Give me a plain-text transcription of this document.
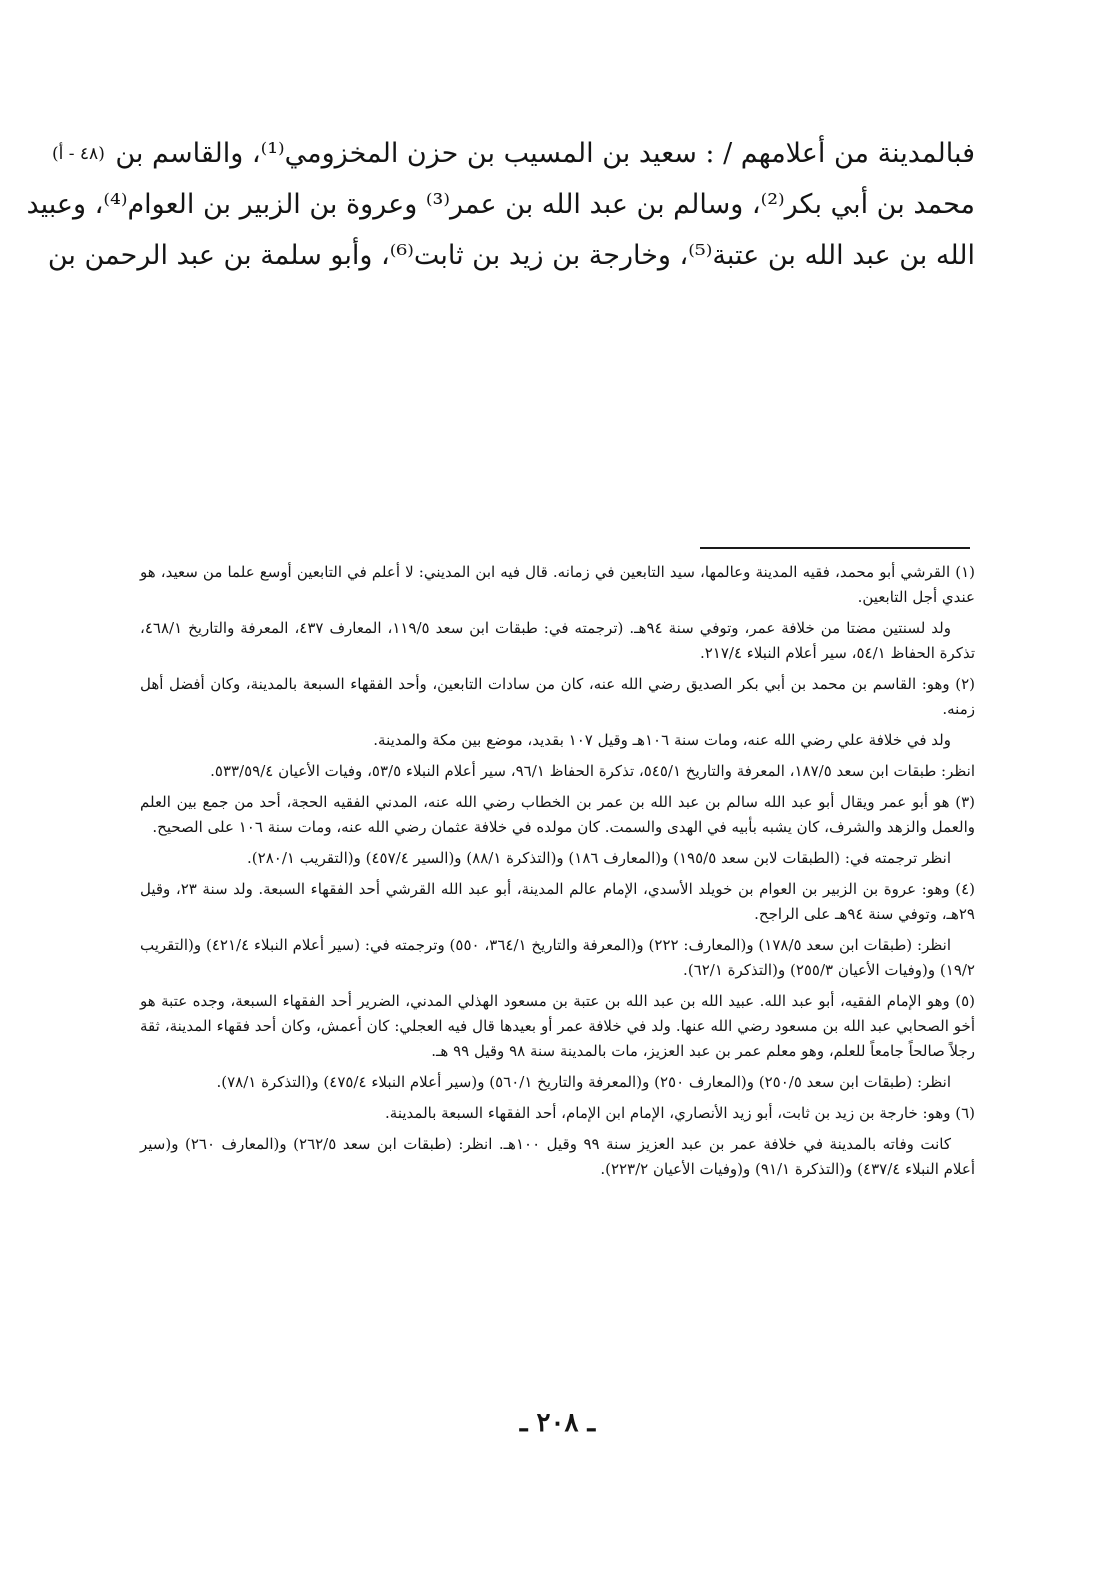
(٤٨ - أ) فبالمدينة من أعلامهم / : سعيد بن المسيب بن حزن المخزومي⁽¹⁾، والقاسم بن
محمد بن أبي بكر⁽²⁾، وسالم بن عبد الله بن عمر⁽³⁾ وعروة بن الزبير بن العوام⁽⁴⁾، وعبيد
الله بن عبد الله بن عتبة⁽⁵⁾، وخارجة بن زيد بن ثابت⁽⁶⁾، وأبو سلمة بن عبد الرحمن بن

(١) القرشي أبو محمد، فقيه المدينة وعالمها، سيد التابعين في زمانه. قال فيه ابن المديني: لا أعلم في التابعين أوسع علما من سعيد، هو عندي أجل التابعين.

ولد لسنتين مضتا من خلافة عمر، وتوفي سنة ٩٤هـ. (ترجمته في: طبقات ابن سعد ١١٩/٥، المعارف ٤٣٧، المعرفة والتاريخ ٤٦٨/١، تذكرة الحفاظ ٥٤/١، سير أعلام النبلاء ٢١٧/٤.

(٢) وهو: القاسم بن محمد بن أبي بكر الصديق رضي الله عنه، كان من سادات التابعين، وأحد الفقهاء السبعة بالمدينة، وكان أفضل أهل زمنه.

ولد في خلافة علي رضي الله عنه، ومات سنة ١٠٦هـ وقيل ١٠٧ بقديد، موضع بين مكة والمدينة.

انظر: طبقات ابن سعد ١٨٧/٥، المعرفة والتاريخ ٥٤٥/١، تذكرة الحفاظ ٩٦/١، سير أعلام النبلاء ٥٣/٥، وفيات الأعيان ٥٣٣/٥٩/٤.

(٣) هو أبو عمر ويقال أبو عبد الله سالم بن عبد الله بن عمر بن الخطاب رضي الله عنه، المدني الفقيه الحجة، أحد من جمع بين العلم والعمل والزهد والشرف، كان يشبه بأبيه في الهدى والسمت. كان مولده في خلافة عثمان رضي الله عنه، ومات سنة ١٠٦ على الصحيح.

انظر ترجمته في: (الطبقات لابن سعد ١٩٥/٥) و(المعارف ١٨٦) و(التذكرة ٨٨/١) و(السير ٤٥٧/٤) و(التقريب ٢٨٠/١).

(٤) وهو: عروة بن الزبير بن العوام بن خويلد الأسدي، الإمام عالم المدينة، أبو عبد الله القرشي أحد الفقهاء السبعة. ولد سنة ٢٣، وقيل ٢٩هـ، وتوفي سنة ٩٤هـ على الراجح.

انظر: (طبقات ابن سعد ١٧٨/٥) و(المعارف: ٢٢٢) و(المعرفة والتاريخ ٣٦٤/١، ٥٥٠) وترجمته في: (سير أعلام النبلاء ٤٢١/٤) و(التقريب ١٩/٢) و(وفيات الأعيان ٢٥٥/٣) و(التذكرة ٦٢/١).

(٥) وهو الإمام الفقيه، أبو عبد الله. عبيد الله بن عبد الله بن عتبة بن مسعود الهذلي المدني، الضرير أحد الفقهاء السبعة، وجده عتبة هو أخو الصحابي عبد الله بن مسعود رضي الله عنها. ولد في خلافة عمر أو بعيدها قال فيه العجلي: كان أعمش، وكان أحد فقهاء المدينة، ثقة رجلاً صالحاً جامعاً للعلم، وهو معلم عمر بن عبد العزيز، مات بالمدينة سنة ٩٨ وقيل ٩٩ هـ.

انظر: (طبقات ابن سعد ٢٥٠/٥) و(المعارف ٢٥٠) و(المعرفة والتاريخ ٥٦٠/١) و(سير أعلام النبلاء ٤٧٥/٤) و(التذكرة ٧٨/١).

(٦) وهو: خارجة بن زيد بن ثابت، أبو زيد الأنصاري، الإمام ابن الإمام، أحد الفقهاء السبعة بالمدينة.

كانت وفاته بالمدينة في خلافة عمر بن عبد العزيز سنة ٩٩ وقيل ١٠٠هـ. انظر: (طبقات ابن سعد ٢٦٢/٥) و(المعارف ٢٦٠) و(سير أعلام النبلاء ٤٣٧/٤) و(التذكرة ٩١/١) و(وفيات الأعيان ٢٢٣/٢).

ـ ٢٠٨ ـ
